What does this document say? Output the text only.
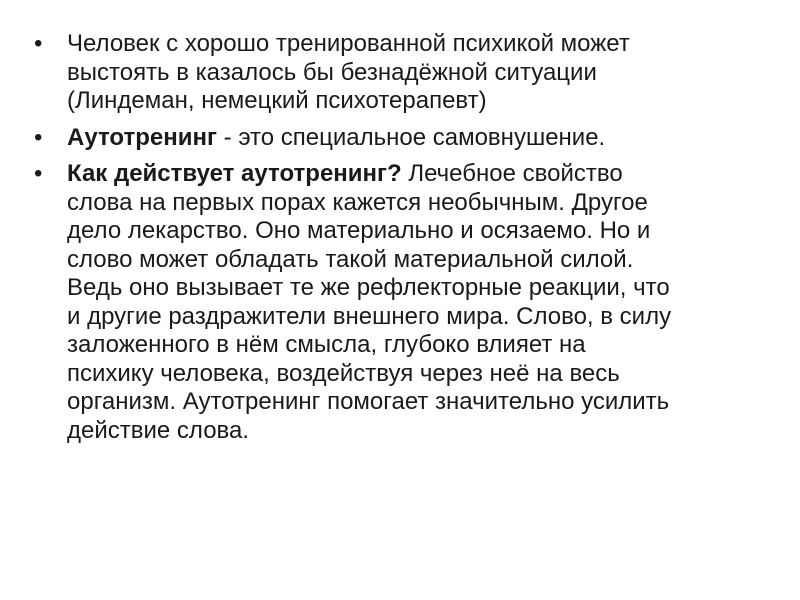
• Человек с хорошо тренированной психикой может
выстоять в казалось бы безнадёжной ситуации
(Линдеман, немецкий психотерапевт)
• Аутотренинг - это специальное самовнушение.
• Как действует аутотренинг? Лечебное свойство
слова на первых порах кажется необычным. Другое
дело лекарство. Оно материально и осязаемо. Но и
слово может обладать такой материальной силой.
Ведь оно вызывает те же рефлекторные реакции, что
и другие раздражители внешнего мира. Слово, в силу
заложенного в нём смысла, глубоко влияет на
психику человека, воздействуя через неё на весь
организм. Аутотренинг помогает значительно усилить
действие слова.
